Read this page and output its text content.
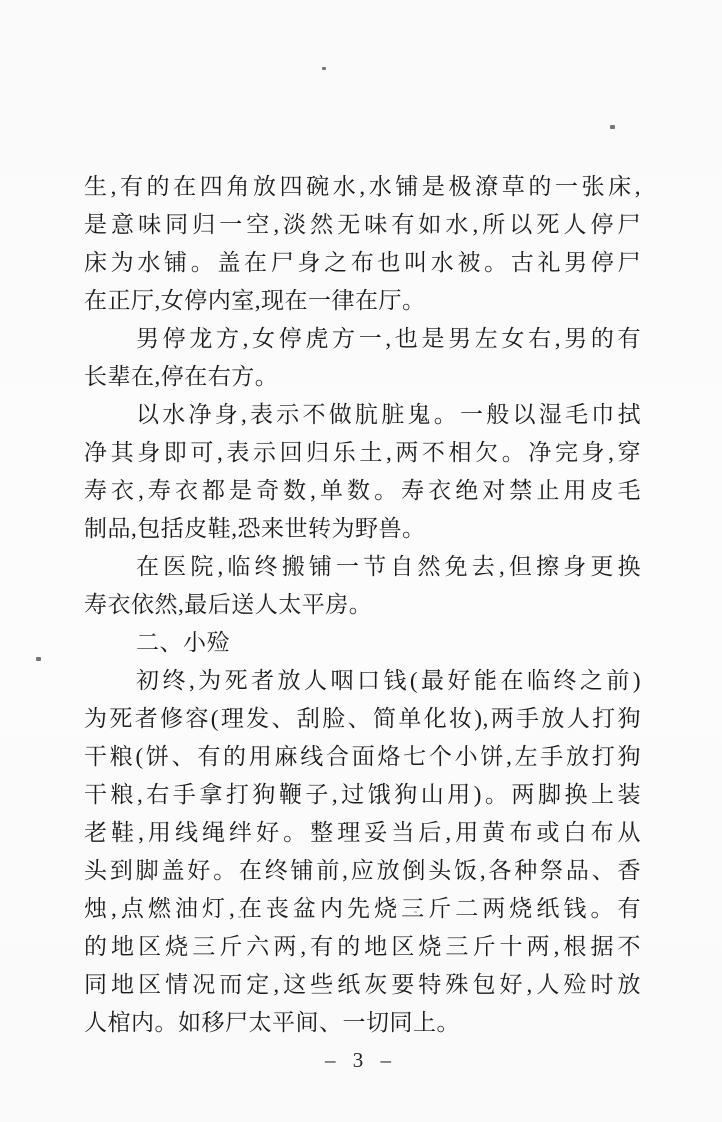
生,有的在四角放四碗水,水铺是极潦草的一张床,
是意味同归一空,淡然无味有如水,所以死人停尸
床为水铺。盖在尸身之布也叫水被。古礼男停尸
在正厅,女停内室,现在一律在厅。
男停龙方,女停虎方一,也是男左女右,男的有
长辈在,停在右方。
以水净身,表示不做肮脏鬼。一般以湿毛巾拭
净其身即可,表示回归乐土,两不相欠。净完身,穿
寿衣,寿衣都是奇数,单数。寿衣绝对禁止用皮毛
制品,包括皮鞋,恐来世转为野兽。
在医院,临终搬铺一节自然免去,但擦身更换
寿衣依然,最后送人太平房。
二、小殓
初终,为死者放人咽口钱(最好能在临终之前)
为死者修容(理发、刮脸、简单化妆),两手放人打狗
干粮(饼、有的用麻线合面烙七个小饼,左手放打狗
干粮,右手拿打狗鞭子,过饿狗山用)。两脚换上装
老鞋,用线绳绊好。整理妥当后,用黄布或白布从
头到脚盖好。在终铺前,应放倒头饭,各种祭品、香
烛,点燃油灯,在丧盆内先烧三斤二两烧纸钱。有
的地区烧三斤六两,有的地区烧三斤十两,根据不
同地区情况而定,这些纸灰要特殊包好,人殓时放
人棺内。如移尸太平间、一切同上。
– 3 –
